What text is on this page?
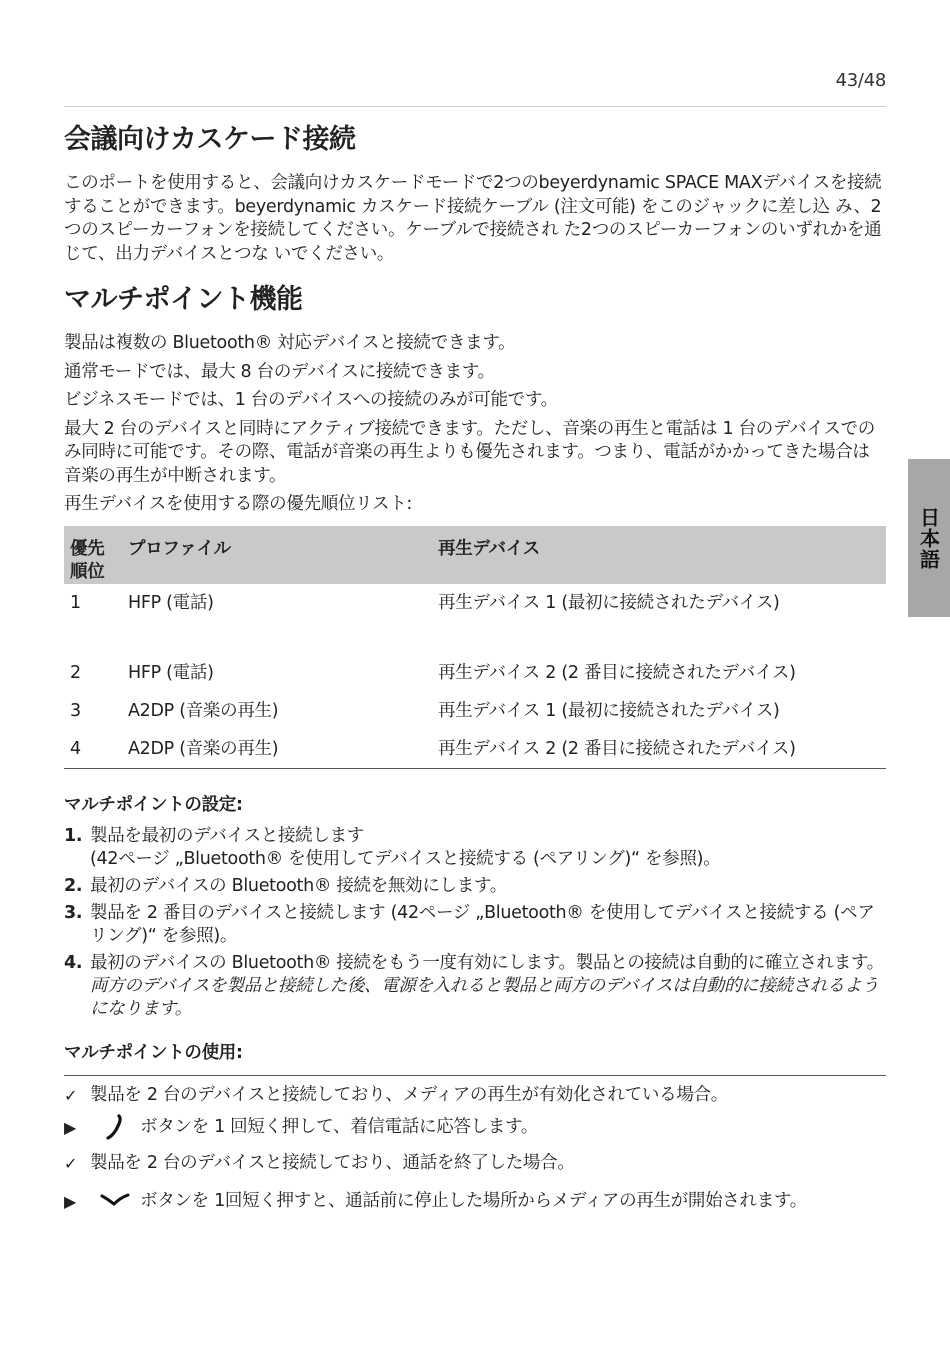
43/48
日本語
会議向けカスケード接続

このポートを使用すると、会議向けカスケードモードで2つのbeyerdynamic SPACE MAXデバイスを接続することができます。beyerdynamic カスケード接続ケーブル (注文可能) をこのジャックに差し込 み、2つのスピーカーフォンを接続してください。ケーブルで接続され た2つのスピーカーフォンのいずれかを通じて、出力デバイスとつな いでください。

マルチポイント機能

製品は複数の Bluetooth® 対応デバイスと接続できます。

通常モードでは、最大 8 台のデバイスに接続できます。

ビジネスモードでは、1 台のデバイスへの接続のみが可能です。

最大 2 台のデバイスと同時にアクティブ接続できます。ただし、音楽の再生と電話は 1 台のデバイスでのみ同時に可能です。その際、電話が音楽の再生よりも優先されます。つまり、電話がかかってきた場合は音楽の再生が中断されます。

再生デバイスを使用する際の優先順位リスト:

優先順位	プロファイル	再生デバイス
1	HFP (電話)	再生デバイス 1 (最初に接続されたデバイス)
2	HFP (電話)	再生デバイス 2 (2 番目に接続されたデバイス)
3	A2DP (音楽の再生)	再生デバイス 1 (最初に接続されたデバイス)
4	A2DP (音楽の再生)	再生デバイス 2 (2 番目に接続されたデバイス)
マルチポイントの設定:
1. 製品を最初のデバイスと接続します
(42ページ „Bluetooth® を使用してデバイスと接続する (ペアリング)“ を参照)。
2. 最初のデバイスの Bluetooth® 接続を無効にします。
3. 製品を 2 番目のデバイスと接続します (42ページ „Bluetooth® を使用してデバイスと接続する (ペアリング)“ を参照)。
4. 最初のデバイスの Bluetooth® 接続をもう一度有効にします。製品との接続は自動的に確立されます。
両方のデバイスを製品と接続した後、電源を入れると製品と両方のデバイスは自動的に接続されるようになります。
マルチポイントの使用:
✓ 製品を 2 台のデバイスと接続しており、メディアの再生が有効化されている場合。
▶	ボタンを 1 回短く押して、着信電話に応答します。
✓ 製品を 2 台のデバイスと接続しており、通話を終了した場合。
▶	ボタンを 1回短く押すと、通話前に停止した場所からメディアの再生が開始されます。
